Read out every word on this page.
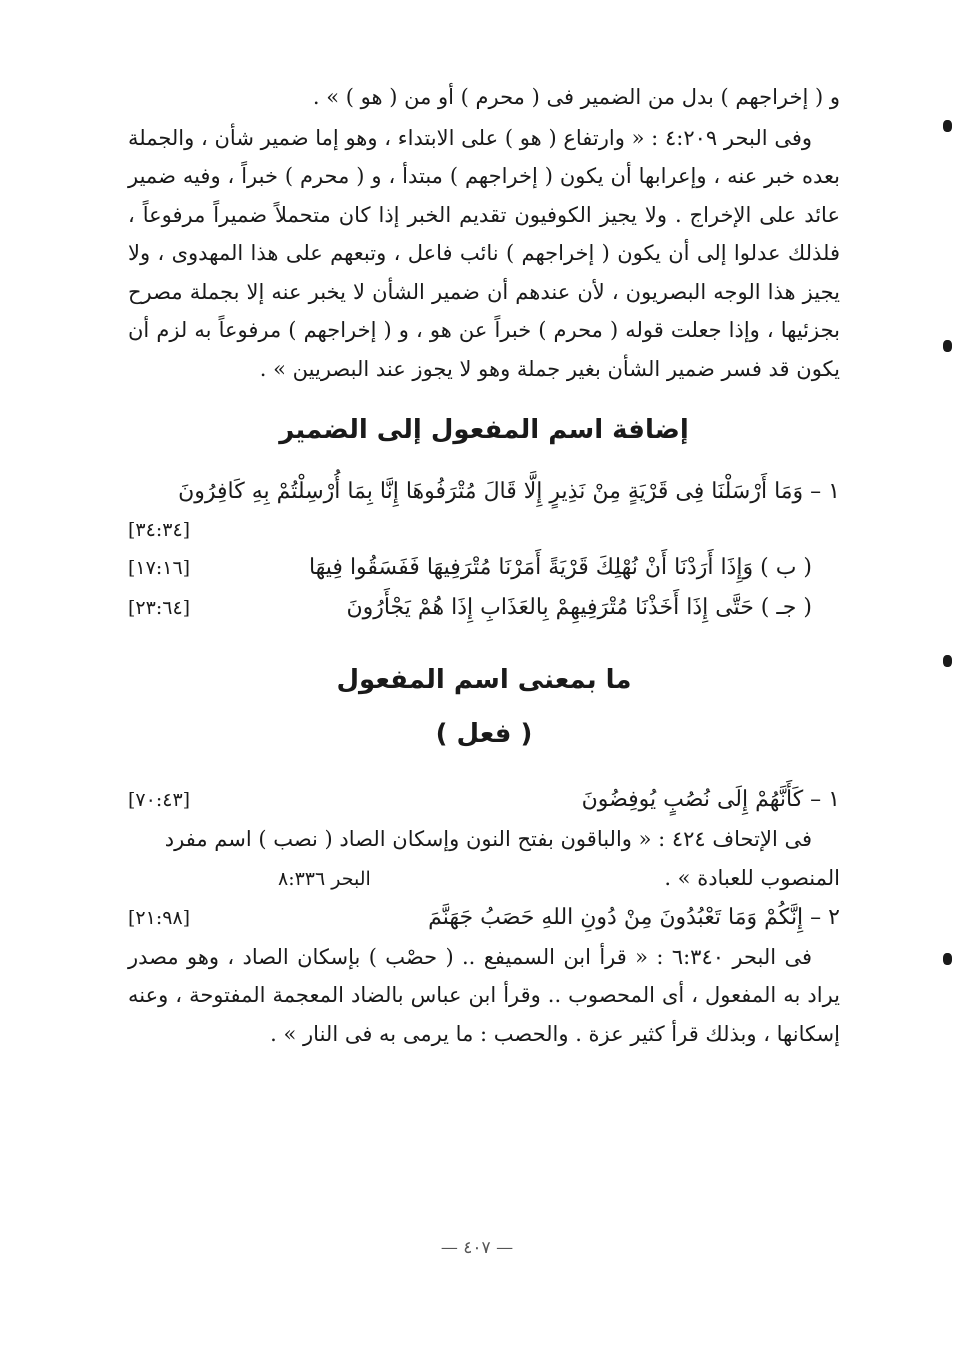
و ( إخراجهم ) بدل من الضمير فى ( محرم ) أو من ( هو ) » .

وفى البحر ٤:٢٠٩ : « وارتفاع ( هو ) على الابتداء ، وهو إما ضمير شأن ، والجملة بعده خبر عنه ، وإعرابها أن يكون ( إخراجهم ) مبتدأ ، و ( محرم ) خبراً ، وفيه ضمير عائد على الإخراج . ولا يجيز الكوفيون تقديم الخبر إذا كان متحملاً ضميراً مرفوعاً ، فلذلك عدلوا إلى أن يكون ( إخراجهم ) نائب فاعل ، وتبعهم على هذا المهدوى ، ولا يجيز هذا الوجه البصريون ، لأن عندهم أن ضمير الشأن لا يخبر عنه إلا بجملة مصرح بجزئيها ، وإذا جعلت قوله ( محرم ) خبراً عن هو ، و ( إخراجهم ) مرفوعاً به لزم أن يكون قد فسر ضمير الشأن بغير جملة وهو لا يجوز عند البصريين » .

إضافة اسم المفعول إلى الضمير

١ – وَمَا أَرْسَلْنَا فِى قَرْيَةٍ مِنْ نَذِيرٍ إِلَّا قَالَ مُتْرَفُوهَا إِنَّا بِمَا أُرْسِلْتُمْ بِهِ كَافِرُونَ
[٣٤:٣٤]
( ب ) وَإِذَا أَرَدْنَا أَنْ نُهْلِكَ قَرْيَةً أَمَرْنَا مُتْرَفِيهَا فَفَسَقُوا فِيهَا
[١٧:١٦]
( جـ ) حَتَّى إِذَا أَخَذْنَا مُتْرَفِيهِمْ بِالعَذَابِ إِذَا هُمْ يَجْأَرُونَ
[٢٣:٦٤]

ما بمعنى اسم المفعول

( فعل )

١ – كَأَنَّهُمْ إِلَى نُصُبٍ يُوفِضُونَ
[٧٠:٤٣]

فى الإتحاف ٤٢٤ : « والباقون بفتح النون وإسكان الصاد ( نصب ) اسم مفرد

المنصوب للعبادة » .
البحر ٨:٣٣٦
٢ – إِنَّكُمْ وَمَا تَعْبُدُونَ مِنْ دُونِ اللهِ حَصَبُ جَهَنَّمَ
[٢١:٩٨]

فى البحر ٦:٣٤٠ : « قرأ ابن السميفع .. ( حصْب ) بإسكان الصاد ، وهو مصدر يراد به المفعول ، أى المحصوب .. وقرأ ابن عباس بالضاد المعجمة المفتوحة ، وعنه إسكانها ، وبذلك قرأ كثير عزة . والحصب : ما يرمى به فى النار » .

— ٤٠٧ —
